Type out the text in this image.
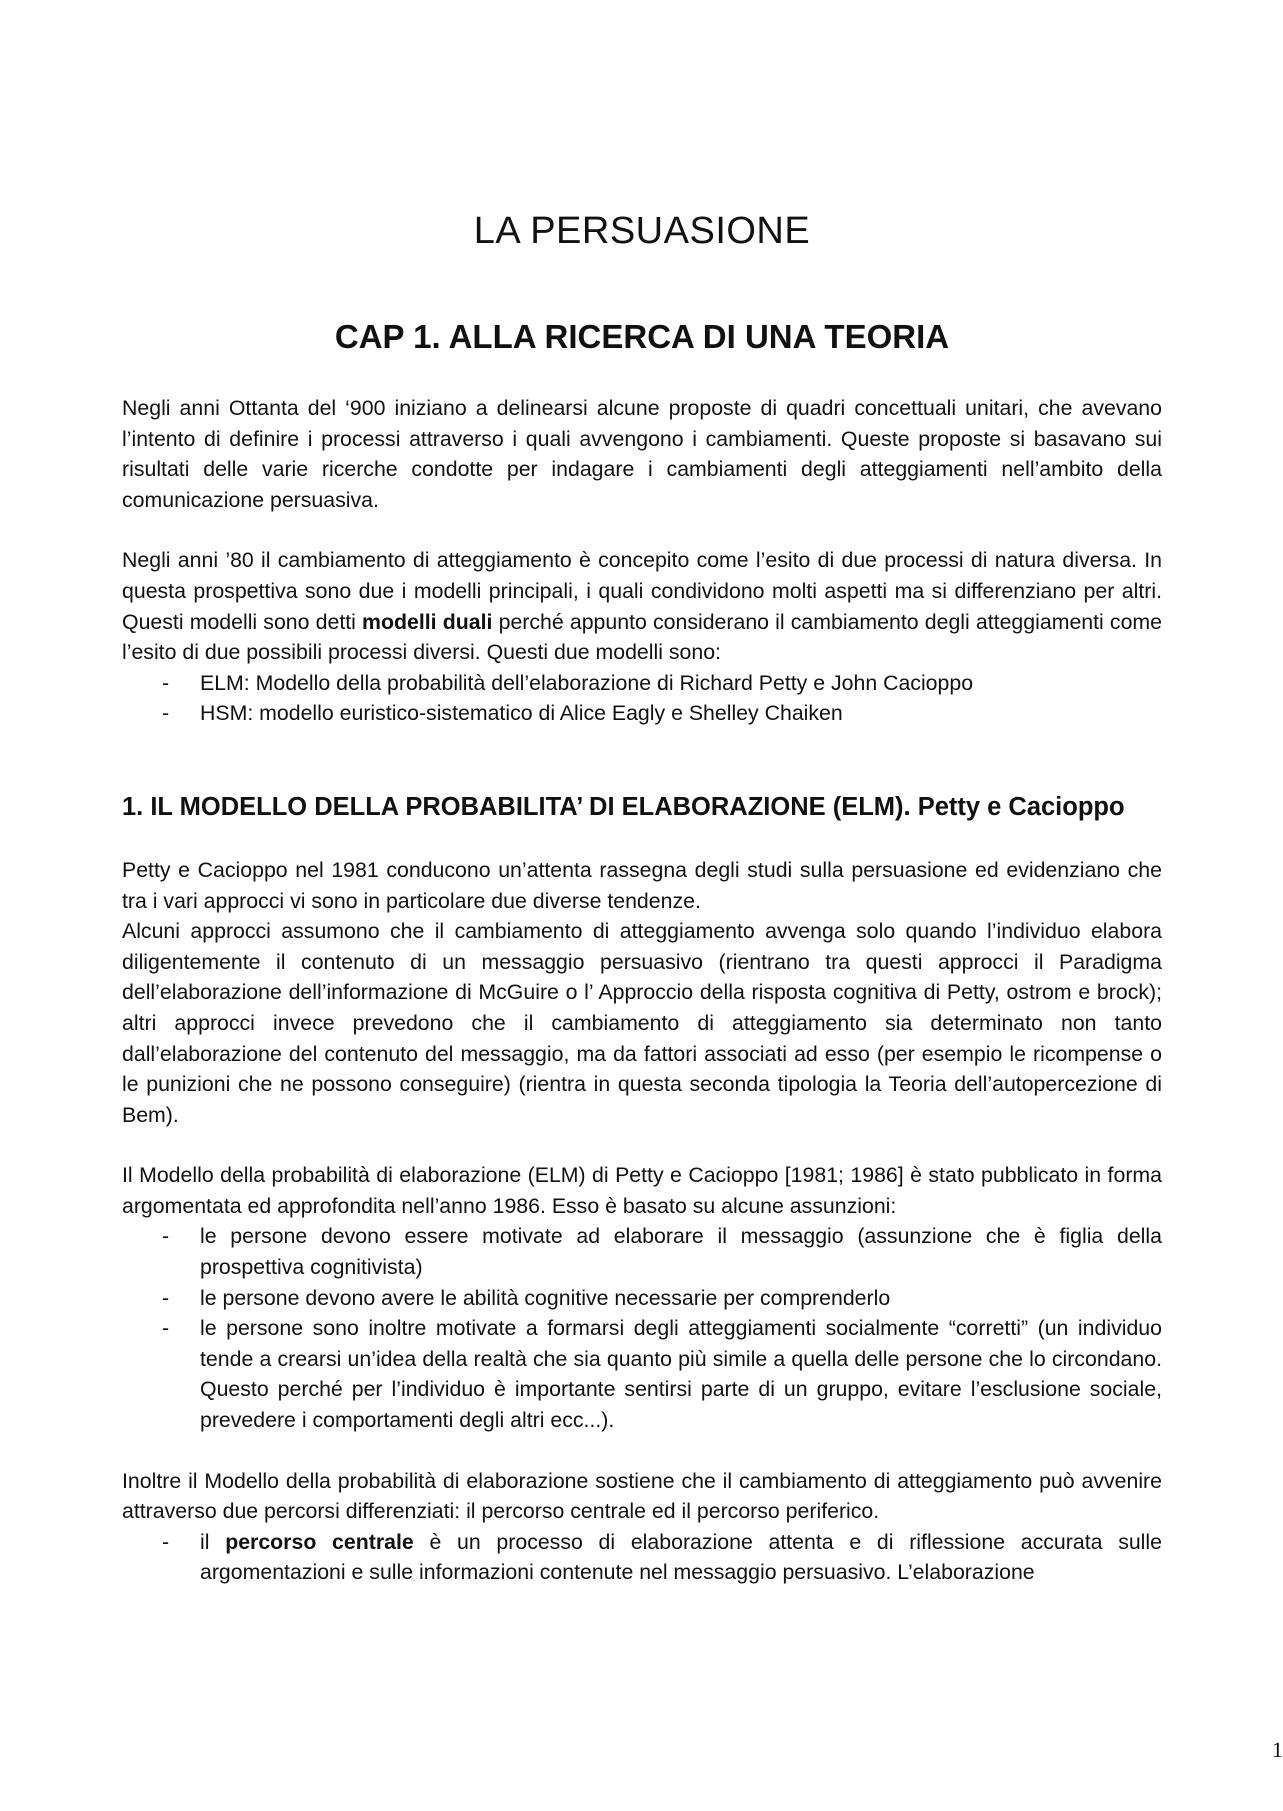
LA PERSUASIONE
CAP 1. ALLA RICERCA DI UNA TEORIA

Negli anni Ottanta del ‘900 iniziano a delinearsi alcune proposte di quadri concettuali unitari, che avevano l’intento di definire i processi attraverso i quali avvengono i cambiamenti. Queste proposte si basavano sui risultati delle varie ricerche condotte per indagare i cambiamenti degli atteggiamenti nell’ambito della comunicazione persuasiva.

Negli anni ’80 il cambiamento di atteggiamento è concepito come l’esito di due processi di natura diversa. In questa prospettiva sono due i modelli principali, i quali condividono molti aspetti ma si differenziano per altri. Questi modelli sono detti modelli duali perché appunto considerano il cambiamento degli atteggiamenti come l’esito di due possibili processi diversi. Questi due modelli sono:

- ELM: Modello della probabilità dell’elaborazione di Richard Petty e John Cacioppo
- HSM: modello euristico-sistematico di Alice Eagly e Shelley Chaiken
1. IL MODELLO DELLA PROBABILITA’ DI ELABORAZIONE (ELM). Petty e Cacioppo

Petty e Cacioppo nel 1981 conducono un’attenta rassegna degli studi sulla persuasione ed evidenziano che tra i vari approcci vi sono in particolare due diverse tendenze.

Alcuni approcci assumono che il cambiamento di atteggiamento avvenga solo quando l’individuo elabora diligentemente il contenuto di un messaggio persuasivo (rientrano tra questi approcci il Paradigma dell’elaborazione dell’informazione di McGuire o l’ Approccio della risposta cognitiva di Petty, ostrom e brock); altri approcci invece prevedono che il cambiamento di atteggiamento sia determinato non tanto dall’elaborazione del contenuto del messaggio, ma da fattori associati ad esso (per esempio le ricompense o le punizioni che ne possono conseguire) (rientra in questa seconda tipologia la Teoria dell’autopercezione di Bem).

Il Modello della probabilità di elaborazione (ELM) di Petty e Cacioppo [1981; 1986] è stato pubblicato in forma argomentata ed approfondita nell’anno 1986. Esso è basato su alcune assunzioni:

- le persone devono essere motivate ad elaborare il messaggio (assunzione che è figlia della prospettiva cognitivista)
- le persone devono avere le abilità cognitive necessarie per comprenderlo
- le persone sono inoltre motivate a formarsi degli atteggiamenti socialmente “corretti” (un individuo tende a crearsi un’idea della realtà che sia quanto più simile a quella delle persone che lo circondano. Questo perché per l’individuo è importante sentirsi parte di un gruppo, evitare l’esclusione sociale, prevedere i comportamenti degli altri ecc...).

Inoltre il Modello della probabilità di elaborazione sostiene che il cambiamento di atteggiamento può avvenire attraverso due percorsi differenziati: il percorso centrale ed il percorso periferico.

- il percorso centrale è un processo di elaborazione attenta e di riflessione accurata sulle argomentazioni e sulle informazioni contenute nel messaggio persuasivo. L’elaborazione
1
